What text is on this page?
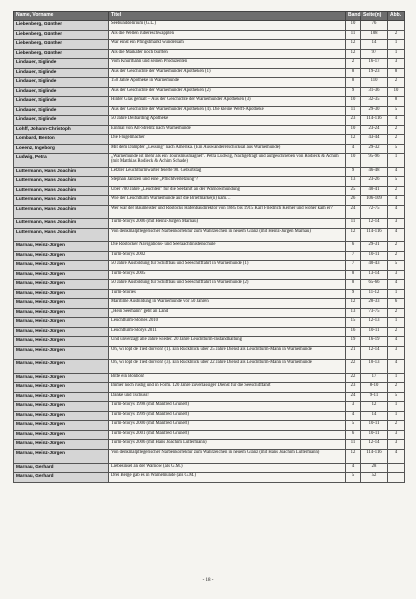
Name, Vorname	Titel	Band	Seite(n)	Abb.
Liebenberg, Günther	Seebunddelirium (G.L.)	10	76	
Liebenberg, Günther	Als die Wellen rübereschwappten	11	108	2
Liebenberg, Günther	War einst ein Pfingstmarkt wundersam	12	14	1
Liebenberg, Günther	Als die Maikäfer noch burrten	12	97	1
Lindauer, Siglinde	Vom Knurrhahn und seinen Produzenten	2	16-17	3
Lindauer, Siglinde	Aus der Geschichte der Warnemünder Apotheken (1)	8	19-23	8
Lindauer, Siglinde	150 Jahre Apotheke in Warnemünde	8	110	2
Lindauer, Siglinde	Aus der Geschichte der Warnemünder Apotheken (2)	9	31-36	10
Lindauer, Siglinde	Hinter Glas gemalt – Aus der Geschichte der Warnemünder Apotheken (3)	10	32-35	8
Lindauer, Siglinde	Aus der Geschichte der Warnemünder Apotheken (4). Die kleine Werft-Apotheke	11	29-30	5
Lindauer, Siglinde	50 Jahre Deibarding Apotheke	23	114-116	4
Lohff, Johann-Christoph	Einmal von Alt-Strelitz nach Warnemünde	10	23-24	2
Lombard, Benton	Die Flügelmacher	12	43-44	2
Loeenz, Ingeborg	Mit dem Dampfer „Lessing" nach Amerika. (Ein Auswandererschicksal aus Warnemünde)	4	29-32	5
Ludwig, Petra	„Warnemünde ist mehr als ein Tourismusmagnet". Petra Ludwig, Nachgefragt und aufgeschrieben von Rodieck & Achim (mit Matthias Rodieck & Achim Schade)	10	95-96	1
Luttermann, Hans Joachim	Letzter Leuchtturmwärter feierte 90. Geburtstag	9	46-48	4
Luttermann, Hans Joachim	Stephan Jantzen und eine „Pflichtverletzung"?	13	23-26	5
Luttermann, Hans Joachim	Über 700 Jahre „Leuchten" für die Seefahrt an der Warnowmündung	25	40-41	2
Luttermann, Hans Joachim	Wie der Leuchtturm Warnemünde auf die Briefmarke(n) kam…	26	106-109	4
Luttermann, Hans Joachim	Wer war der Baumeister und Rostocks Hafenbaudirektor von 1885 bis 1915 Karl Friedrich Kerner und woher kam er?	24	72-75	4
Luttermann, Hans Joachim	Turm-Storys 2006 (mit Heinz-Jürgen Marnau)	11	12-14	3
Luttermann, Hans Joachim	Von denkmalpflegerischer Narbenkorrektur zum Wahrzeichen in neuem Glanz (mit Heinz-Jürgen Marnau)	12	114-116	4
Marnau, Heinz-Jürgen	Die Rostocker Navigations- und Seeraachtinistenschule	6	29-31	2
Marnau, Heinz-Jürgen	Turm-Storys 2002	7	10-11	2
Marnau, Heinz-Jürgen	50 Jahre Ausbildung für Schiffbau und Seeschifffahrt in Warnemünde (1)	7	40-43	5
Marnau, Heinz-Jürgen	Turm-Storys 2005	8	13-14	3
Marnau, Heinz-Jürgen	50 Jahre Ausbildung für Schiffbau und Seeschifffahrt in Warnemünde (2)	8	65-66	4
Marnau, Heinz-Jürgen	Turm-Stories	9	11-12	1
Marnau, Heinz-Jürgen	Maritime Ausbildung in Warnemünde vor 50 Jahren	12	28-33	6
Marnau, Heinz-Jürgen	„Hein Seemann" geht an Land	13	73-75	2
Marnau, Heinz-Jürgen	Leuchtturm-Stories 2010	15	12-13	1
Marnau, Heinz-Jürgen	Leuchtturm-Storys 2011	16	10-11	2
Marnau, Heinz-Jürgen	Und unverzagt alle Jahre wieder. 20 Jahre Leuchtturm-Instandhaltung	19	16-19	4
Marnau, Heinz-Jürgen	Oh, wi löpt de Tied dorvon! (1). Ein Rückblick über 25 Jahre Dienst als Leuchtturm-Mann in Warnemünde	21	12-14	3
Marnau, Heinz-Jürgen	Oh, wi löpt de Tied dorvon! (3). Ein Rückblick über 22 Jahre Dienst als Leuchtturm-Mann in Warnemünde	22	10-13	4
Marnau, Heinz-Jürgen	Bitte ein Bonbon!	22	17	1
Marnau, Heinz-Jürgen	Immer noch rüstig und in Form. 120 Jahre zuverlässiger Dienst für die Seeschifffahrt	23	8-10	2
Marnau, Heinz-Jürgen	Danke und Tschüss!	24	9-11	5
Marnau, Heinz-Jürgen	Turm-Storys 1998 (mit Manfred Grunert)	3	12	1
Marnau, Heinz-Jürgen	Turm-Storys 1999 (mit Manfred Grunert)	4	14	1
Marnau, Heinz-Jürgen	Turm-Storys 2000 (mit Manfred Grunert)	5	10-11	2
Marnau, Heinz-Jürgen	Turm-Storys 2001 (mit Manfred Grunert)	6	10-11	3
Marnau, Heinz-Jürgen	Turm-Storys 2006 (mit Hans Joachim Luttermann)	11	12-14	3
Marnau, Heinz-Jürgen	Von denkmalpflegerischer Narbenkorrektur zum Wahrzeichen in neuem Glanz (mit Hans Joachim Luttermann)	12	114-116	4
Marnau, Gerhard	Liebesinsel an der Warnow (als G.M.)	4	28	
Marnau, Gerhard	Drei Berge gab es in Warnemünde (als G.M.)	5	52	
- 18 -
